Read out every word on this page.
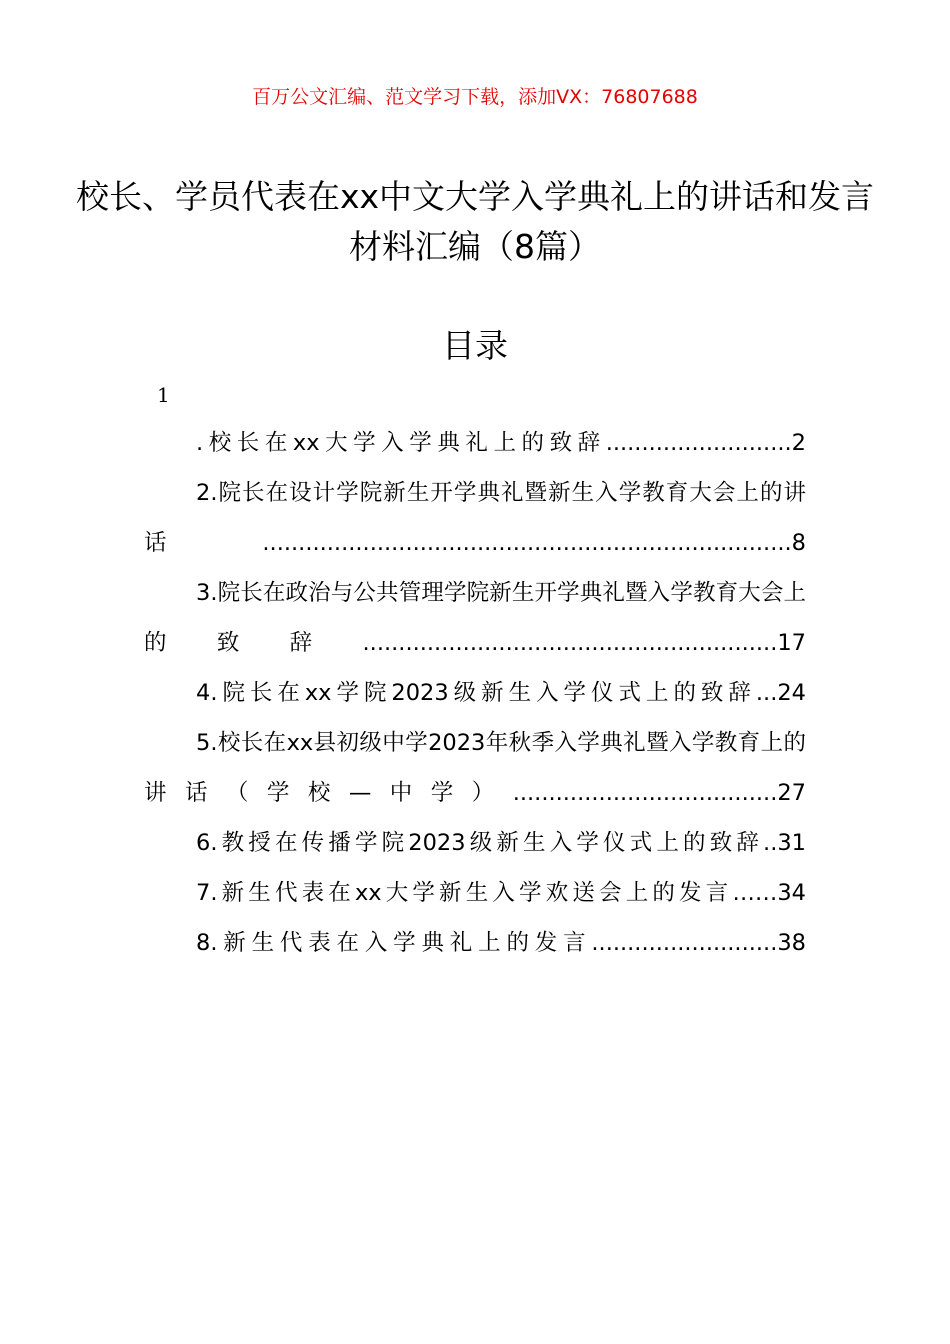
百万公文汇编、范文学习下载，添加VX：76807688
校长、学员代表在xx中文大学入学典礼上的讲话和发言材料汇编（8篇）
目录
1
.校长在xx大学入学典礼上的致辞..........................2
2.院长在设计学院新生开学典礼暨新生入学教育大会上的讲话..........................................................................8
3.院长在政治与公共管理学院新生开学典礼暨入学教育大会上的致辞..........................................................17
4.院长在xx学院2023级新生入学仪式上的致辞...24
5.校长在xx县初级中学2023年秋季入学典礼暨入学教育上的讲话（学校—中学）.....................................27
6.教授在传播学院2023级新生入学仪式上的致辞..31
7.新生代表在xx大学新生入学欢送会上的发言……34
8.新生代表在入学典礼上的发言..........................38
